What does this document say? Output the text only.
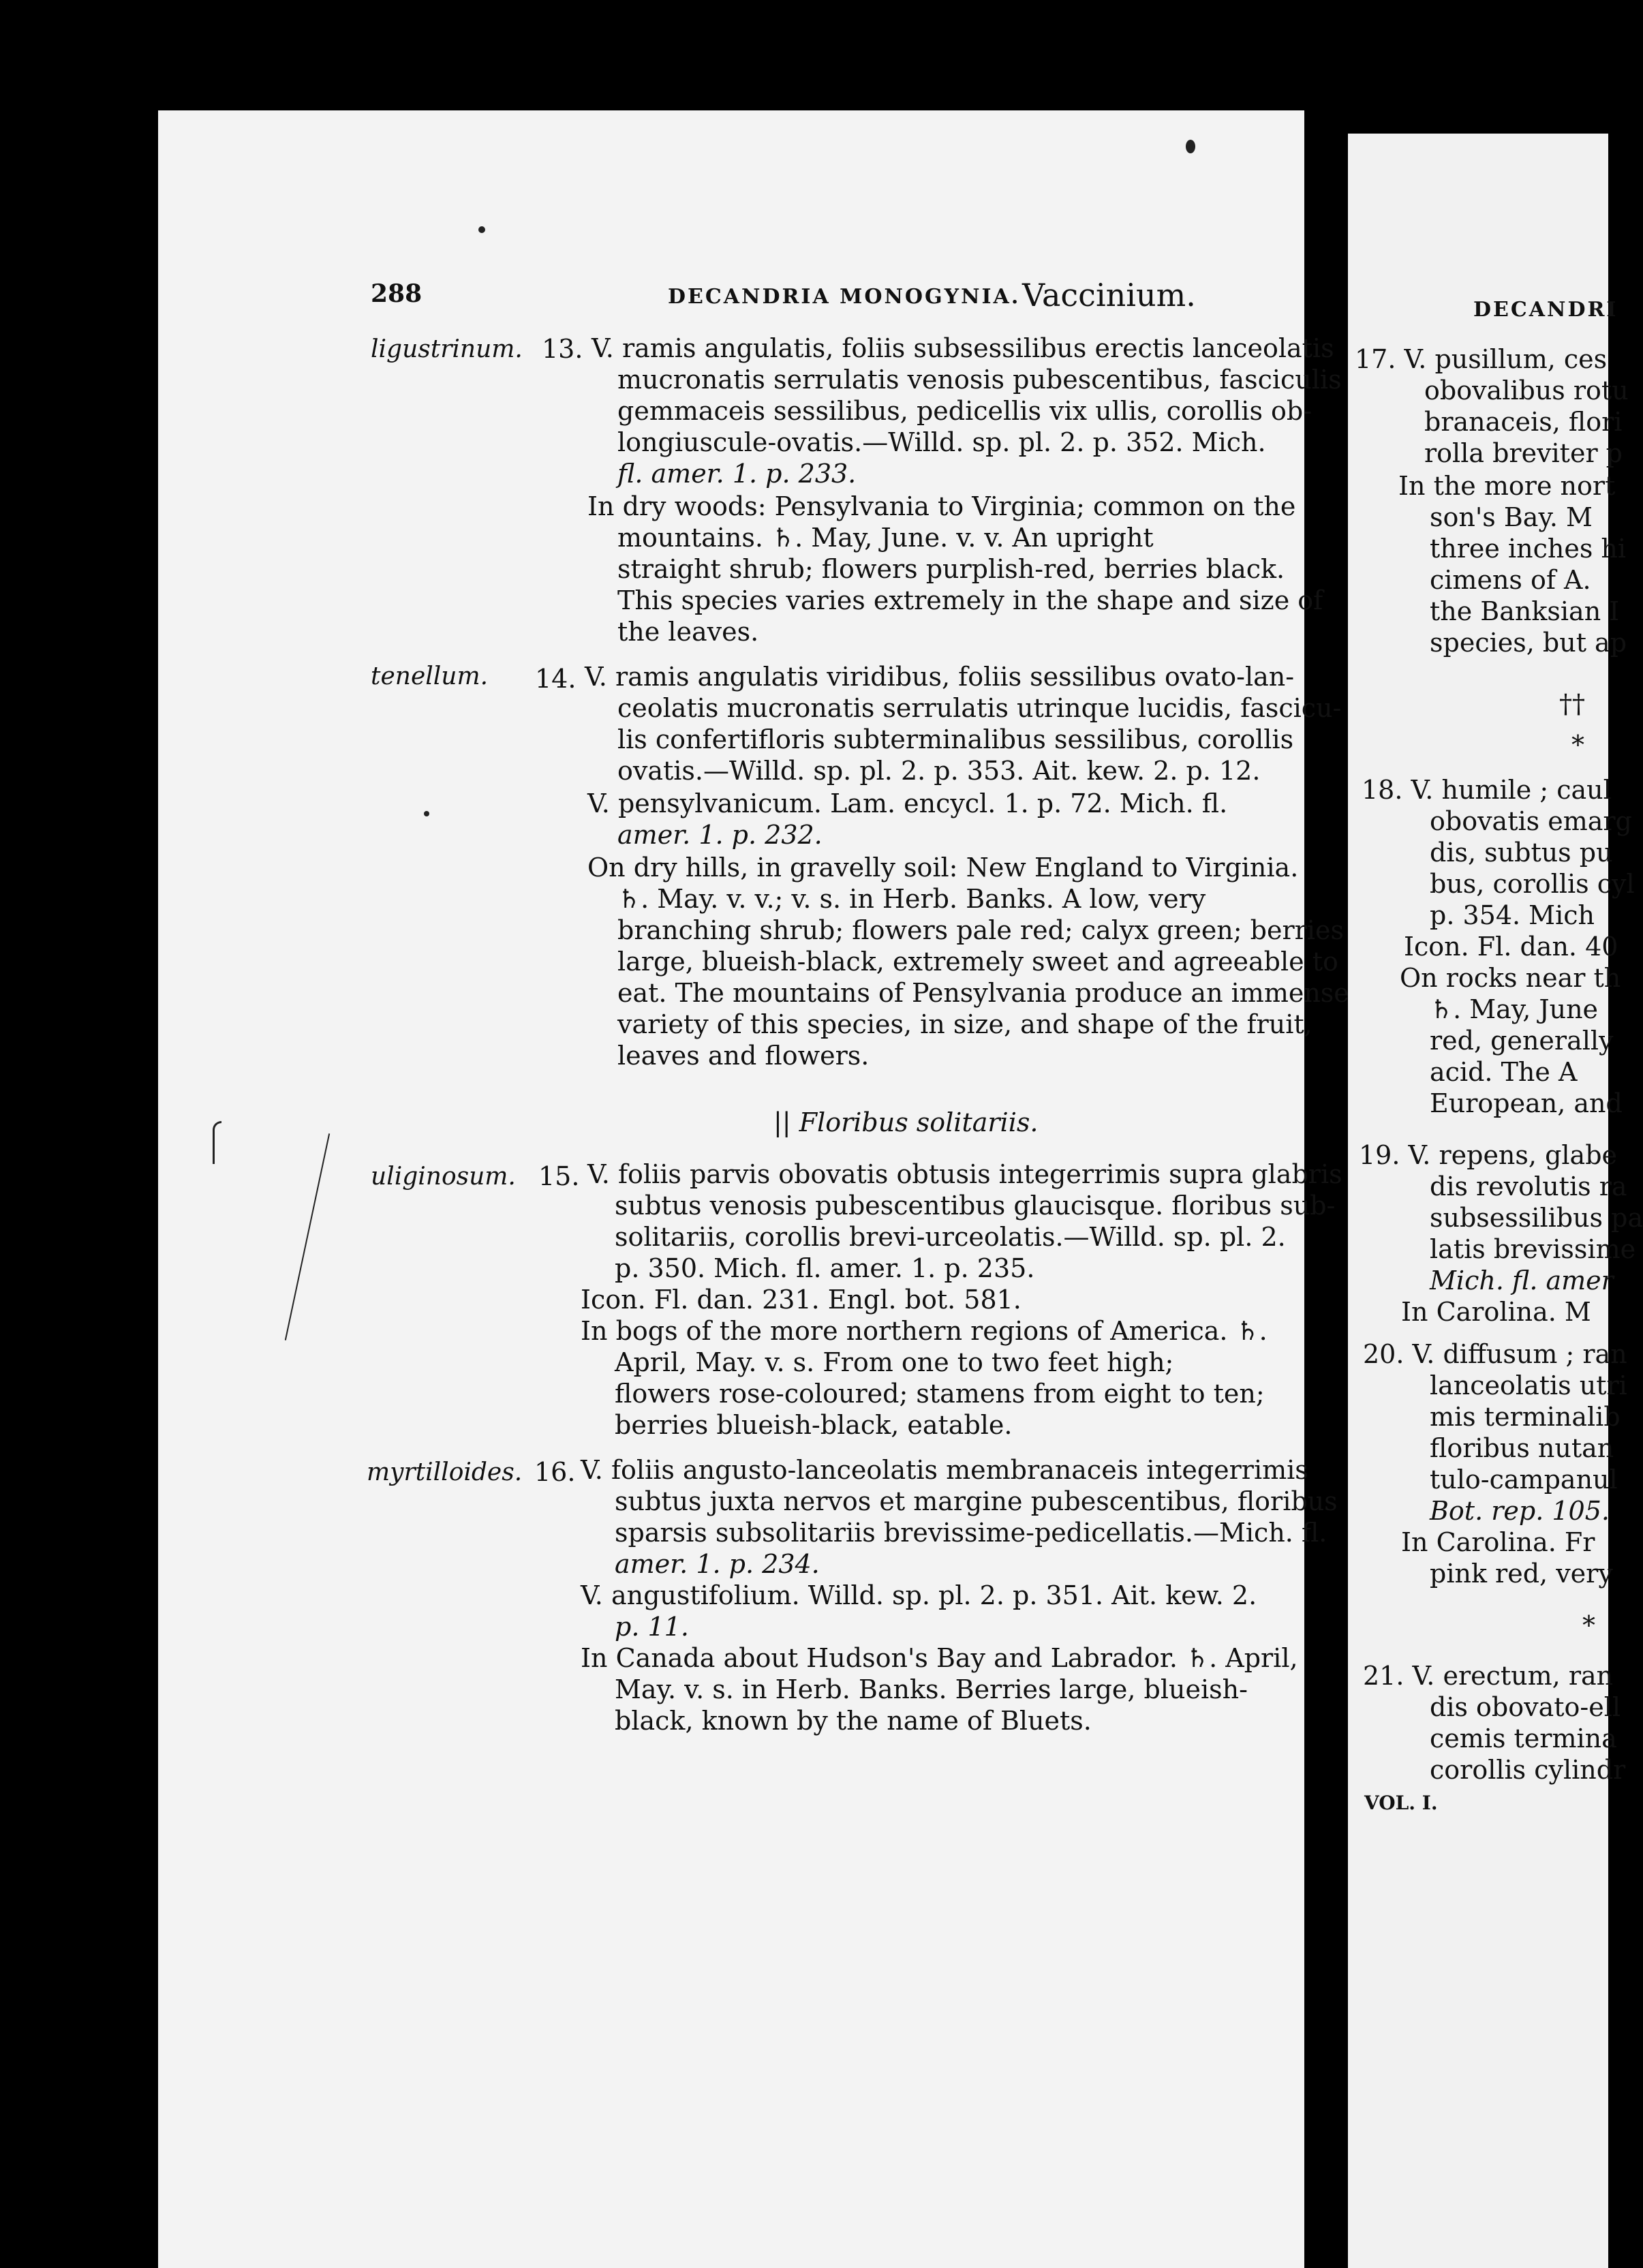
288	DECANDRIA MONOGYNIA. Vaccinium.
ligustrinum. 13. V. ramis angulatis, foliis subsessilibus erectis lanceolatis
mucronatis serrulatis venosis pubescentibus, fasciculis
gemmaceis sessilibus, pedicellis vix ullis, corollis ob-
longiuscule-ovatis.—Willd. sp. pl. 2. p. 352. Mich.
fl. amer. 1. p. 233.
In dry woods: Pensylvania to Virginia; common on the
mountains. ♄. May, June. v. v. An upright
straight shrub; flowers purplish-red, berries black.
This species varies extremely in the shape and size of
the leaves.
tenellum. 14. V. ramis angulatis viridibus, foliis sessilibus ovato-lan-
ceolatis mucronatis serrulatis utrinque lucidis, fascicu-
lis confertifloris subterminalibus sessilibus, corollis
ovatis.—Willd. sp. pl. 2. p. 353. Ait. kew. 2. p. 12.
V. pensylvanicum. Lam. encycl. 1. p. 72. Mich. fl.
amer. 1. p. 232.
On dry hills, in gravelly soil: New England to Virginia.
♄. May. v. v.; v. s. in Herb. Banks. A low, very
branching shrub; flowers pale red; calyx green; berries
large, blueish-black, extremely sweet and agreeable to
eat. The mountains of Pensylvania produce an immense
variety of this species, in size, and shape of the fruit,
leaves and flowers.
|| Floribus solitariis.
uliginosum. 15. V. foliis parvis obovatis obtusis integerrimis supra glabris
subtus venosis pubescentibus glaucisque. floribus sub-
solitariis, corollis brevi-urceolatis.—Willd. sp. pl. 2.
p. 350. Mich. fl. amer. 1. p. 235.
Icon. Fl. dan. 231. Engl. bot. 581.
In bogs of the more northern regions of America. ♄.
April, May. v. s. From one to two feet high;
flowers rose-coloured; stamens from eight to ten;
berries blueish-black, eatable.
myrtilloides. 16. V. foliis angusto-lanceolatis membranaceis integerrimis
subtus juxta nervos et margine pubescentibus, floribus
sparsis subsolitariis brevissime-pedicellatis.—Mich. fl.
amer. 1. p. 234.
V. angustifolium. Willd. sp. pl. 2. p. 351. Ait. kew. 2.
p. 11.
In Canada about Hudson's Bay and Labrador. ♄. April,
May. v. s. in Herb. Banks. Berries large, blueish-
black, known by the name of Bluets.
DECANDRI
17. V. pusillum, ces
obovalibus rotu
branaceis, flori
rolla breviter p
In the more nort
son's Bay. M
three inches hi
cimens of A.
the Banksian I
species, but ap
††
*
18. V. humile ; caul
obovatis emarg
dis, subtus pu
bus, corollis cyl
p. 354. Mich
Icon. Fl. dan. 40
On rocks near th
♄. May, June
red, generally
acid. The A
European, and
19. V. repens, glabe
dis revolutis ra
subsessilibus pa
latis brevissime
Mich. fl. amer
In Carolina. M
20. V. diffusum ; ran
lanceolatis utri
mis terminalib
floribus nutan
tulo-campanul
Bot. rep. 105.
In Carolina. Fr
pink red, very
*
21. V. erectum, ran
dis obovato-ell
cemis termina
corollis cylindr
VOL. I.
